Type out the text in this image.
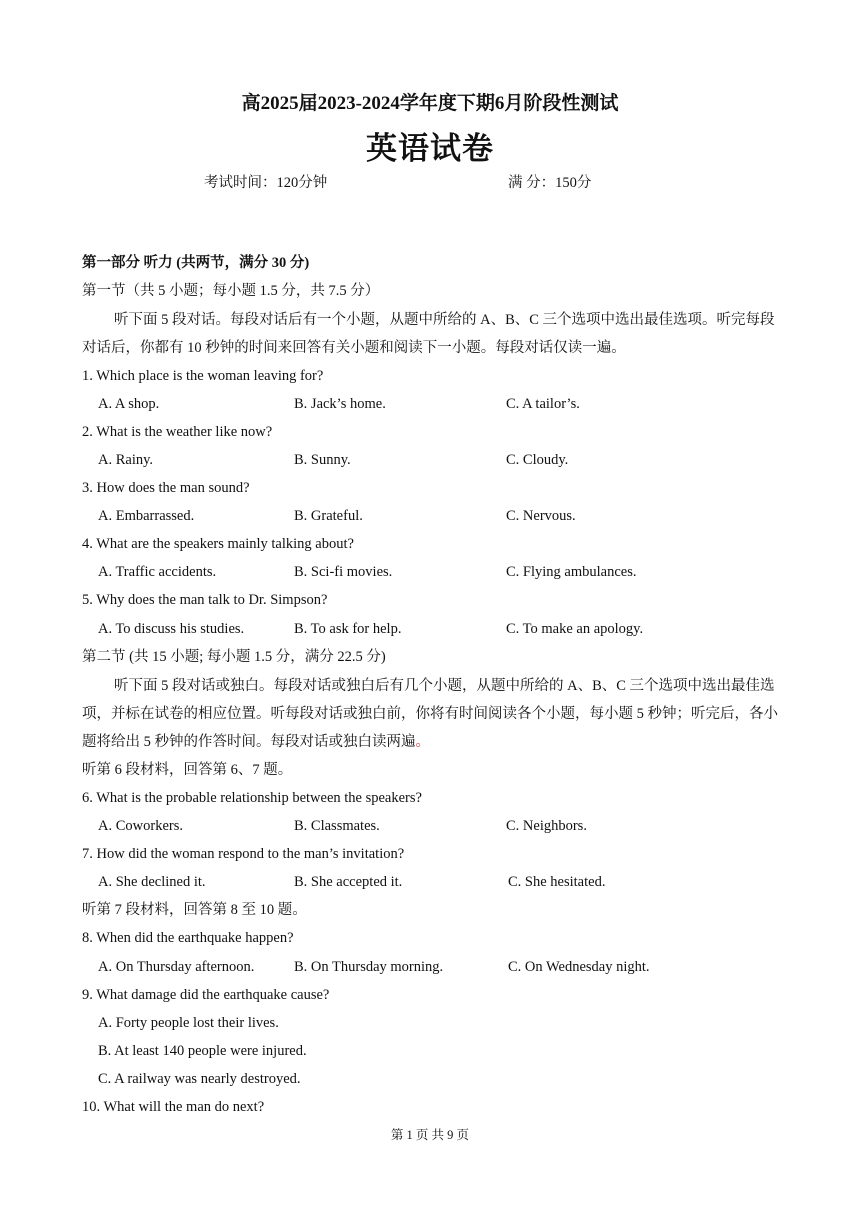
高2025届2023-2024学年度下期6月阶段性测试
英语试卷
考试时间：120分钟	满 分：150分
第一部分 听力 (共两节，满分 30 分)
第一节（共 5 小题；每小题 1.5 分，共 7.5 分）
听下面 5 段对话。每段对话后有一个小题，从题中所给的 A、B、C 三个选项中选出最佳选项。听完每段对话后，你都有 10 秒钟的时间来回答有关小题和阅读下一小题。每段对话仅读一遍。
1. Which place is the woman leaving for?
A. A shop.	B. Jack’s home.	C. A tailor’s.
2. What is the weather like now?
A. Rainy.	B. Sunny.	C. Cloudy.
3. How does the man sound?
A. Embarrassed.	B. Grateful.	C. Nervous.
4. What are the speakers mainly talking about?
A. Traffic accidents.	B. Sci-fi movies.	C. Flying ambulances.
5. Why does the man talk to Dr. Simpson?
A. To discuss his studies.	B. To ask for help.	C. To make an apology.
第二节 (共 15 小题; 每小题 1.5 分，满分 22.5 分)
听下面 5 段对话或独白。每段对话或独白后有几个小题，从题中所给的 A、B、C 三个选项中选出最佳选项，并标在试卷的相应位置。听每段对话或独白前，你将有时间阅读各个小题，每小题 5 秒钟；听完后，各小题将给出 5 秒钟的作答时间。每段对话或独白读两遍。
听第 6 段材料，回答第 6、7 题。
6. What is the probable relationship between the speakers?
A. Coworkers.	B. Classmates.	C. Neighbors.
7. How did the woman respond to the man’s invitation?
A. She declined it.	B. She accepted it.	C. She hesitated.
听第 7 段材料，回答第 8 至 10 题。
8. When did the earthquake happen?
A. On Thursday afternoon.	B. On Thursday morning.	C. On Wednesday night.
9. What damage did the earthquake cause?
A. Forty people lost their lives.
B. At least 140 people were injured.
C. A railway was nearly destroyed.
10. What will the man do next?
第 1 页 共 9 页
